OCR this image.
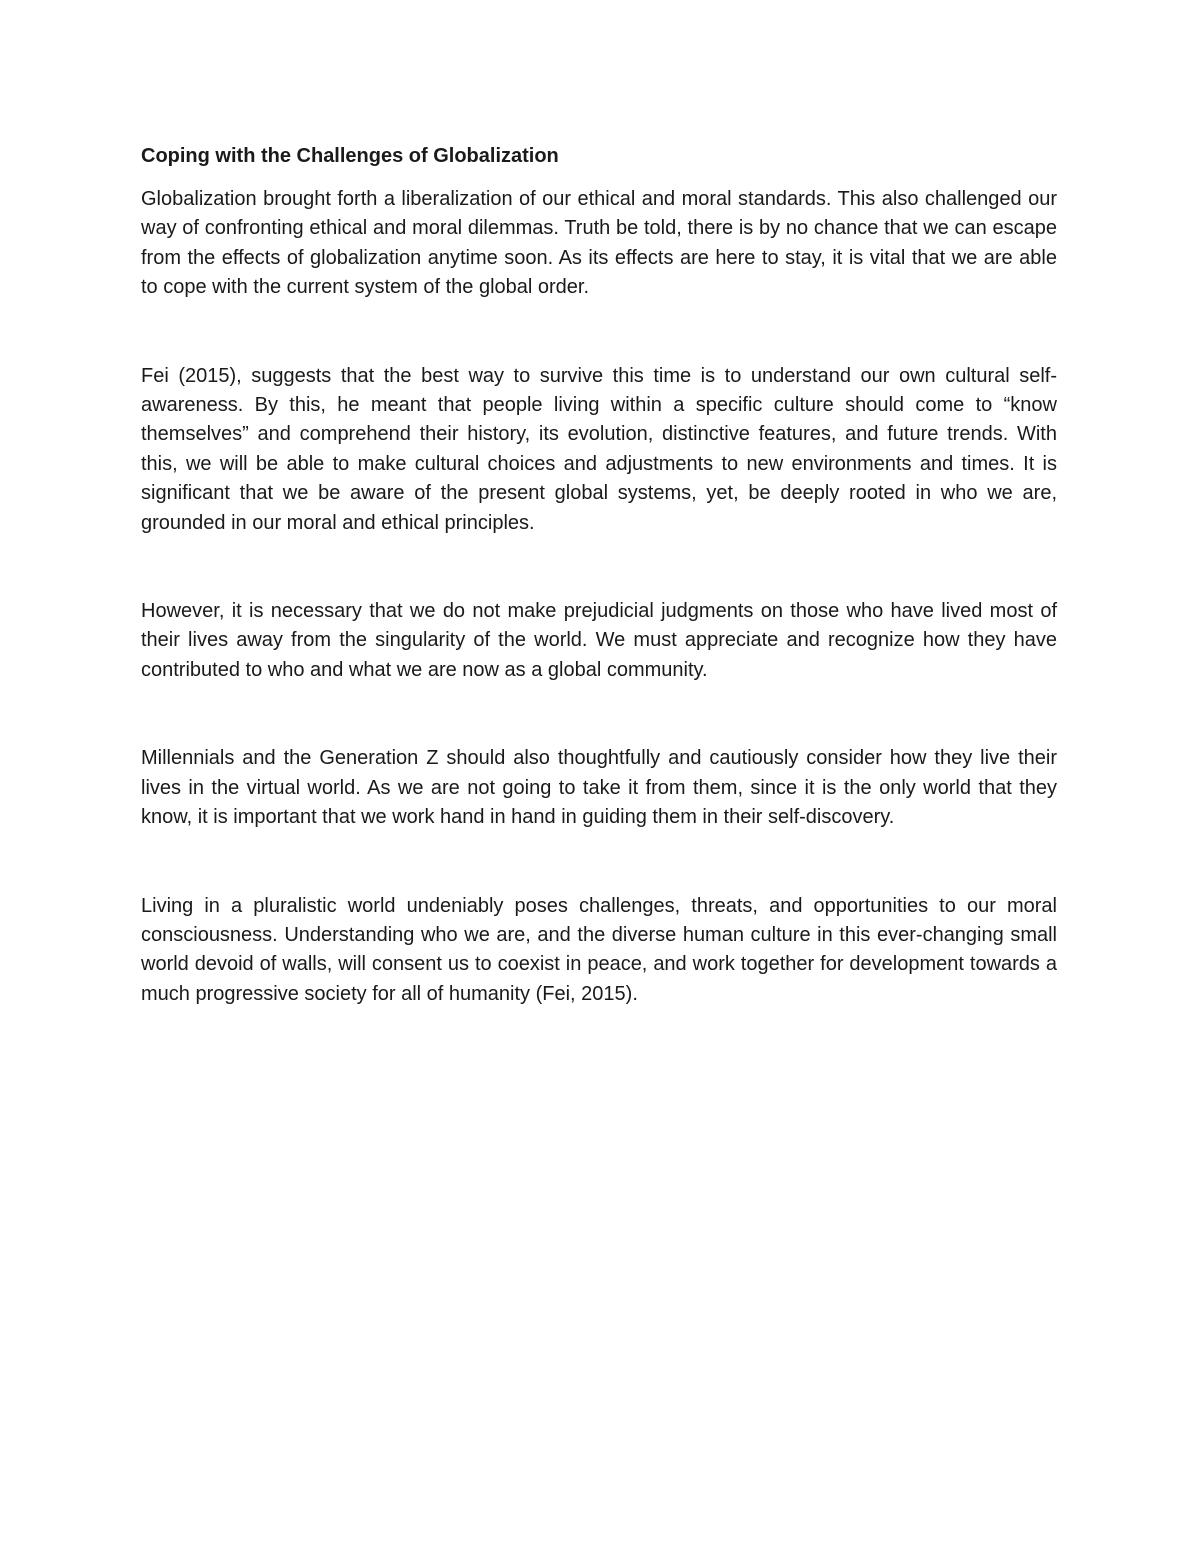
Coping with the Challenges of Globalization

Globalization brought forth a liberalization of our ethical and moral standards. This also challenged our way of confronting ethical and moral dilemmas. Truth be told, there is by no chance that we can escape from the effects of globalization anytime soon. As its effects are here to stay, it is vital that we are able to cope with the current system of the global order.

Fei (2015), suggests that the best way to survive this time is to understand our own cultural self-awareness. By this, he meant that people living within a specific culture should come to “know themselves” and comprehend their history, its evolution, distinctive features, and future trends. With this, we will be able to make cultural choices and adjustments to new environments and times. It is significant that we be aware of the present global systems, yet, be deeply rooted in who we are, grounded in our moral and ethical principles.

However, it is necessary that we do not make prejudicial judgments on those who have lived most of their lives away from the singularity of the world. We must appreciate and recognize how they have contributed to who and what we are now as a global community.

Millennials and the Generation Z should also thoughtfully and cautiously consider how they live their lives in the virtual world. As we are not going to take it from them, since it is the only world that they know, it is important that we work hand in hand in guiding them in their self-discovery.

Living in a pluralistic world undeniably poses challenges, threats, and opportunities to our moral consciousness. Understanding who we are, and the diverse human culture in this ever-changing small world devoid of walls, will consent us to coexist in peace, and work together for development towards a much progressive society for all of humanity (Fei, 2015).
